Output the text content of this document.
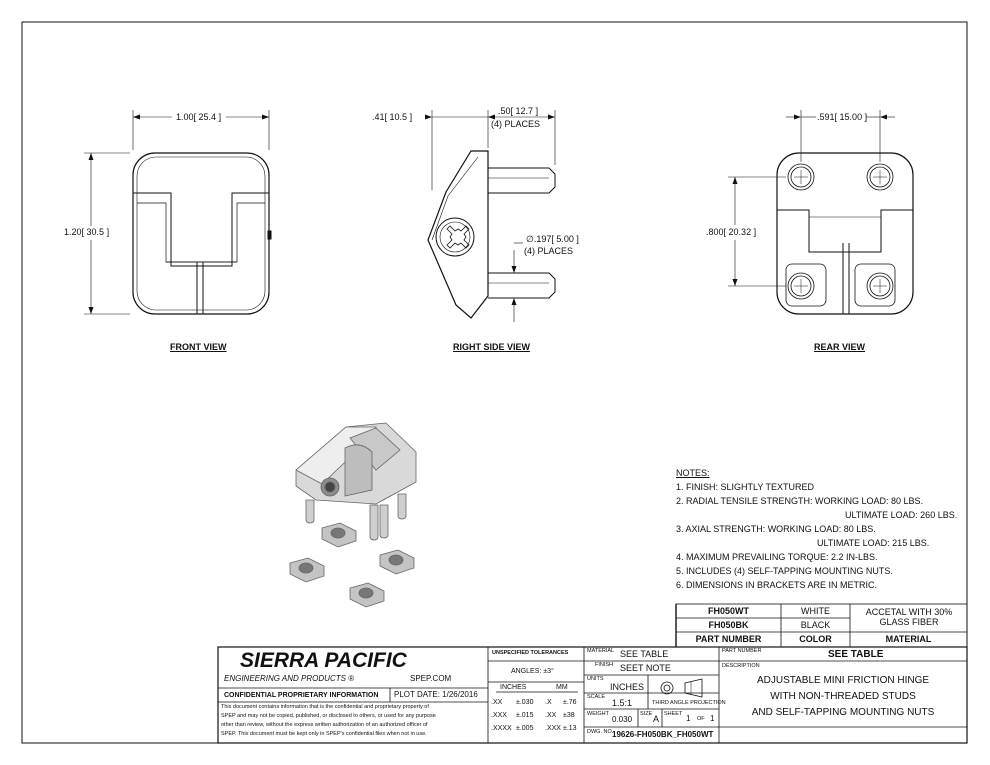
1.00[ 25.4 ]
1.20[ 30.5 ]
FRONT VIEW
.41[ 10.5 ]
.50[ 12.7 ]
(4) PLACES
∅.197[ 5.00 ]
(4) PLACES
RIGHT SIDE VIEW
.591[ 15.00 ]
.800[ 20.32 ]
REAR VIEW
NOTES:
1. FINISH: SLIGHTLY TEXTURED
2. RADIAL TENSILE STRENGTH: WORKING LOAD: 80 LBS.
ULTIMATE LOAD: 260 LBS.
3. AXIAL STRENGTH: WORKING LOAD: 80 LBS.
ULTIMATE LOAD: 215 LBS.
4. MAXIMUM PREVAILING TORQUE: 2.2 IN-LBS.
5. INCLUDES (4) SELF-TAPPING MOUNTING NUTS.
6. DIMENSIONS IN BRACKETS ARE IN METRIC.
FH050WT	WHITE
FH050BK	BLACK
ACCETAL WITH 30% GLASS FIBER
PART NUMBER	COLOR	MATERIAL
SIERRA PACIFIC
ENGINEERING AND PRODUCTS ®	SPEP.COM
CONFIDENTIAL PROPRIETARY INFORMATION PLOT DATE: 1/26/2016
This document contains information that is the confidential and proprietary property of
SPEP and may not be copied, published, or disclosed to others, or used for any purpose
other than review, without the express written authorization of an authorized officer of
SPEP. This document must be kept only in SPEP's confidential files when not in use.
UNSPECIFIED TOLERANCES
ANGLES: ±3°
INCHES	MM
.XX ±.030 .X ±.76
.XXX ±.015 .XX ±38
.XXXX ±.005 .XXX ±.13
MATERIAL SEE TABLE
FINISH SEET NOTE
UNITS
INCHES
SCALE
1.5:1	THIRD ANGLE PROJECTION
WEIGHT
0.030
SIZE A SHEET 1 OF 1
DWG. NO.
19626-FH050BK_FH050WT
PART NUMBER	SEE TABLE
DESCRIPTION
ADJUSTABLE MINI FRICTION HINGE
WITH NON-THREADED STUDS
AND SELF-TAPPING MOUNTING NUTS
